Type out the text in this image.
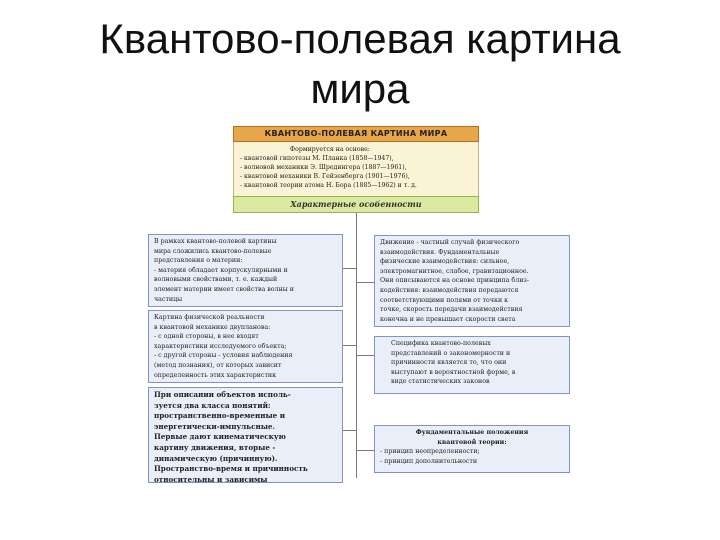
Квантово-полевая картина
мира
КВАНТОВО-ПОЛЕВАЯ КАРТИНА МИРА
Формируется на основе:
- квантовой гипотезы М. Планка (1858—1947),
- волновой механики Э. Шредингера (1887—1961),
- квантовой механики В. Гейзенберга (1901—1976),
- квантовой теории атома Н. Бора (1885—1962) и т. д.
Характерные особенности
В рамках квантово-полевой картины
мира сложились квантово-полевые
представления о материи:
- материя обладает корпускулярными и
волновыми свойствами, т. е. каждый
элемент материи имеет свойства волны и
частицы
Картина физической реальности
в квантовой механике двупланова:
- с одной стороны, в нее входят
характеристики исследуемого объекта;
- с другой стороны - условия наблюдения
(метод познания), от которых зависит
определенность этих характеристик
При описании объектов исполь-
зуется два класса понятий:
пространственно-временные и
энергетически-импульсные.
Первые дают кинематическую
картину движения, вторые -
динамическую (причинную).
Пространство-время и причинность
относительны и зависимы
Движение - частный случай физического
взаимодействия. Фундаментальные
физические взаимодействия: сильное,
электромагнитное, слабое, гравитационное.
Они описываются на основе принципа близ-
кодействия: взаимодействия передаются
соответствующими полями от точки к
точке, скорость передачи взаимодействия
конечна и не превышает скорости света
Специфика квантово-полевых
представлений о закономерности и
причинности является то, что они
выступают в вероятностной форме, в
виде статистических законов
Фундаментальные положения
квантовой теории:
- принцип неопределенности;
- принцип дополнительности
